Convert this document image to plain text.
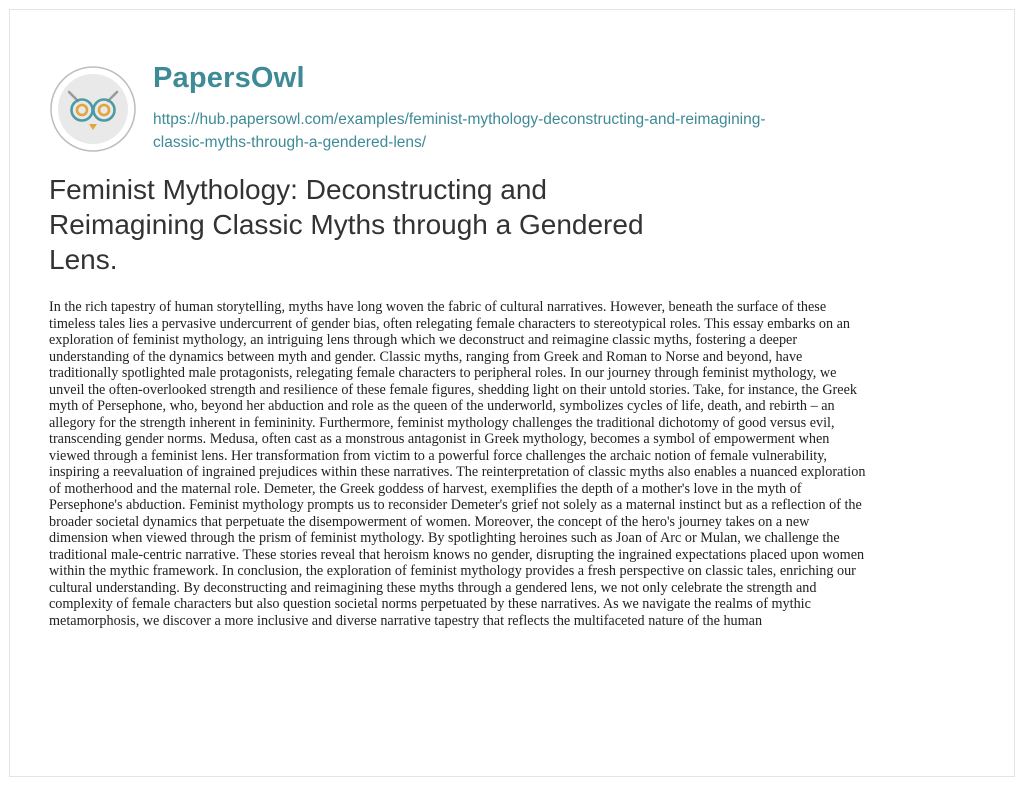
PapersOwl
https://hub.papersowl.com/examples/feminist-mythology-deconstructing-and-reimagining-
classic-myths-through-a-gendered-lens/
Feminist Mythology: Deconstructing and
Reimagining Classic Myths through a Gendered
Lens.
In the rich tapestry of human storytelling, myths have long woven the fabric of cultural narratives. However, beneath the surface of these
timeless tales lies a pervasive undercurrent of gender bias, often relegating female characters to stereotypical roles. This essay embarks on an
exploration of feminist mythology, an intriguing lens through which we deconstruct and reimagine classic myths, fostering a deeper
understanding of the dynamics between myth and gender. Classic myths, ranging from Greek and Roman to Norse and beyond, have
traditionally spotlighted male protagonists, relegating female characters to peripheral roles. In our journey through feminist mythology, we
unveil the often-overlooked strength and resilience of these female figures, shedding light on their untold stories. Take, for instance, the Greek
myth of Persephone, who, beyond her abduction and role as the queen of the underworld, symbolizes cycles of life, death, and rebirth – an
allegory for the strength inherent in femininity. Furthermore, feminist mythology challenges the traditional dichotomy of good versus evil,
transcending gender norms. Medusa, often cast as a monstrous antagonist in Greek mythology, becomes a symbol of empowerment when
viewed through a feminist lens. Her transformation from victim to a powerful force challenges the archaic notion of female vulnerability,
inspiring a reevaluation of ingrained prejudices within these narratives. The reinterpretation of classic myths also enables a nuanced exploration
of motherhood and the maternal role. Demeter, the Greek goddess of harvest, exemplifies the depth of a mother's love in the myth of
Persephone's abduction. Feminist mythology prompts us to reconsider Demeter's grief not solely as a maternal instinct but as a reflection of the
broader societal dynamics that perpetuate the disempowerment of women. Moreover, the concept of the hero's journey takes on a new
dimension when viewed through the prism of feminist mythology. By spotlighting heroines such as Joan of Arc or Mulan, we challenge the
traditional male-centric narrative. These stories reveal that heroism knows no gender, disrupting the ingrained expectations placed upon women
within the mythic framework. In conclusion, the exploration of feminist mythology provides a fresh perspective on classic tales, enriching our
cultural understanding. By deconstructing and reimagining these myths through a gendered lens, we not only celebrate the strength and
complexity of female characters but also question societal norms perpetuated by these narratives. As we navigate the realms of mythic
metamorphosis, we discover a more inclusive and diverse narrative tapestry that reflects the multifaceted nature of the human
